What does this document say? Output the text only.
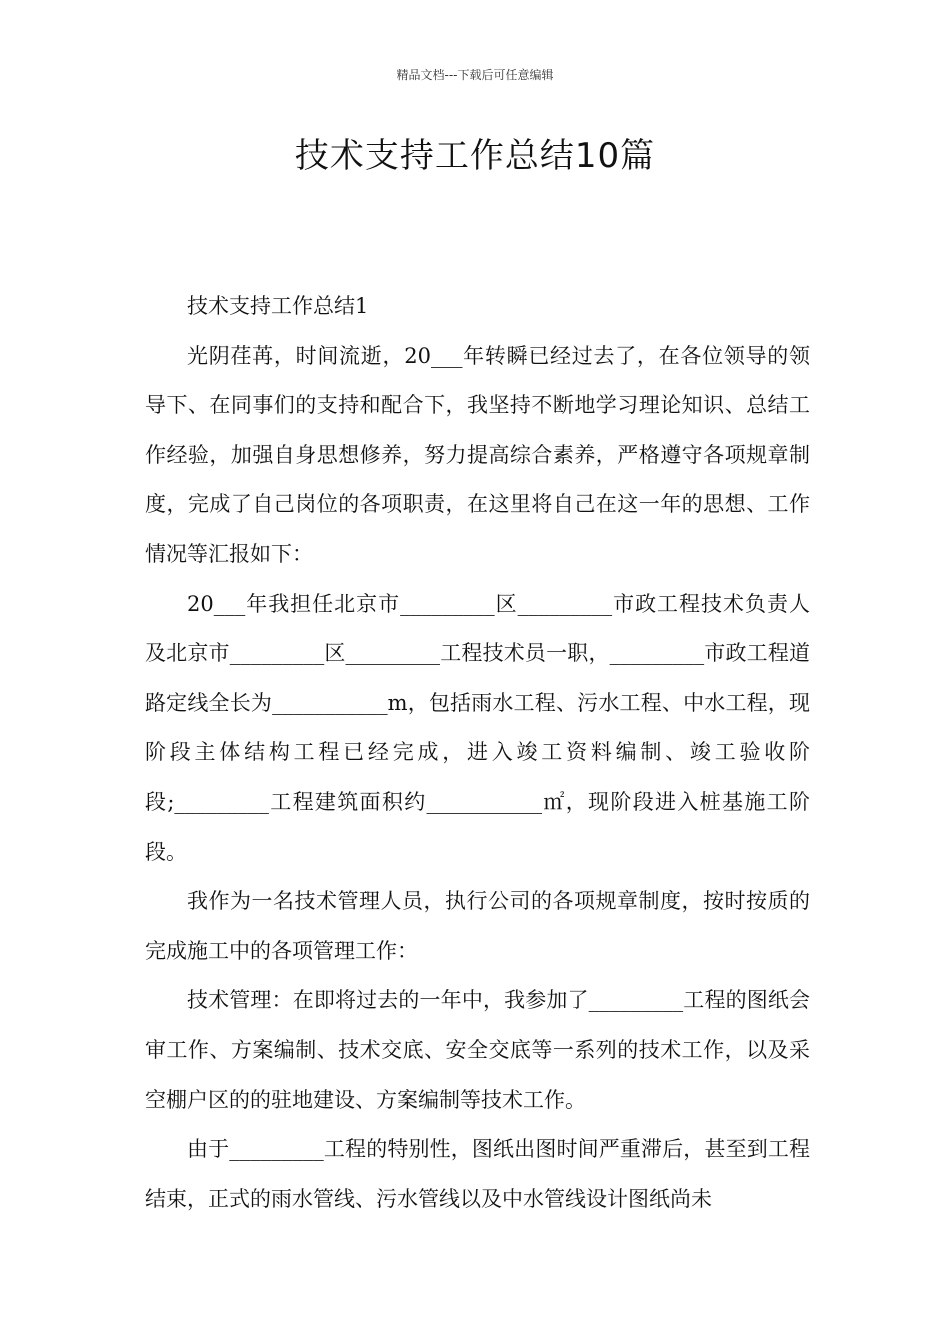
精品文档---下载后可任意编辑
技术支持工作总结10篇

技术支持工作总结1

光阴荏苒，时间流逝，20___年转瞬已经过去了，在各位领导的领导下、在同事们的支持和配合下，我坚持不断地学习理论知识、总结工作经验，加强自身思想修养，努力提高综合素养，严格遵守各项规章制度，完成了自己岗位的各项职责，在这里将自己在这一年的思想、工作情况等汇报如下：

20___年我担任北京市_________区_________市政工程技术负责人及北京市_________区_________工程技术员一职，_________市政工程道路定线全长为___________m，包括雨水工程、污水工程、中水工程，现阶段主体结构工程已经完成，进入竣工资料编制、竣工验收阶段;_________工程建筑面积约___________㎡，现阶段进入桩基施工阶段。

我作为一名技术管理人员，执行公司的各项规章制度，按时按质的完成施工中的各项管理工作：

技术管理：在即将过去的一年中，我参加了_________工程的图纸会审工作、方案编制、技术交底、安全交底等一系列的技术工作，以及采空棚户区的的驻地建设、方案编制等技术工作。

由于_________工程的特别性，图纸出图时间严重滞后，甚至到工程结束，正式的雨水管线、污水管线以及中水管线设计图纸尚未
